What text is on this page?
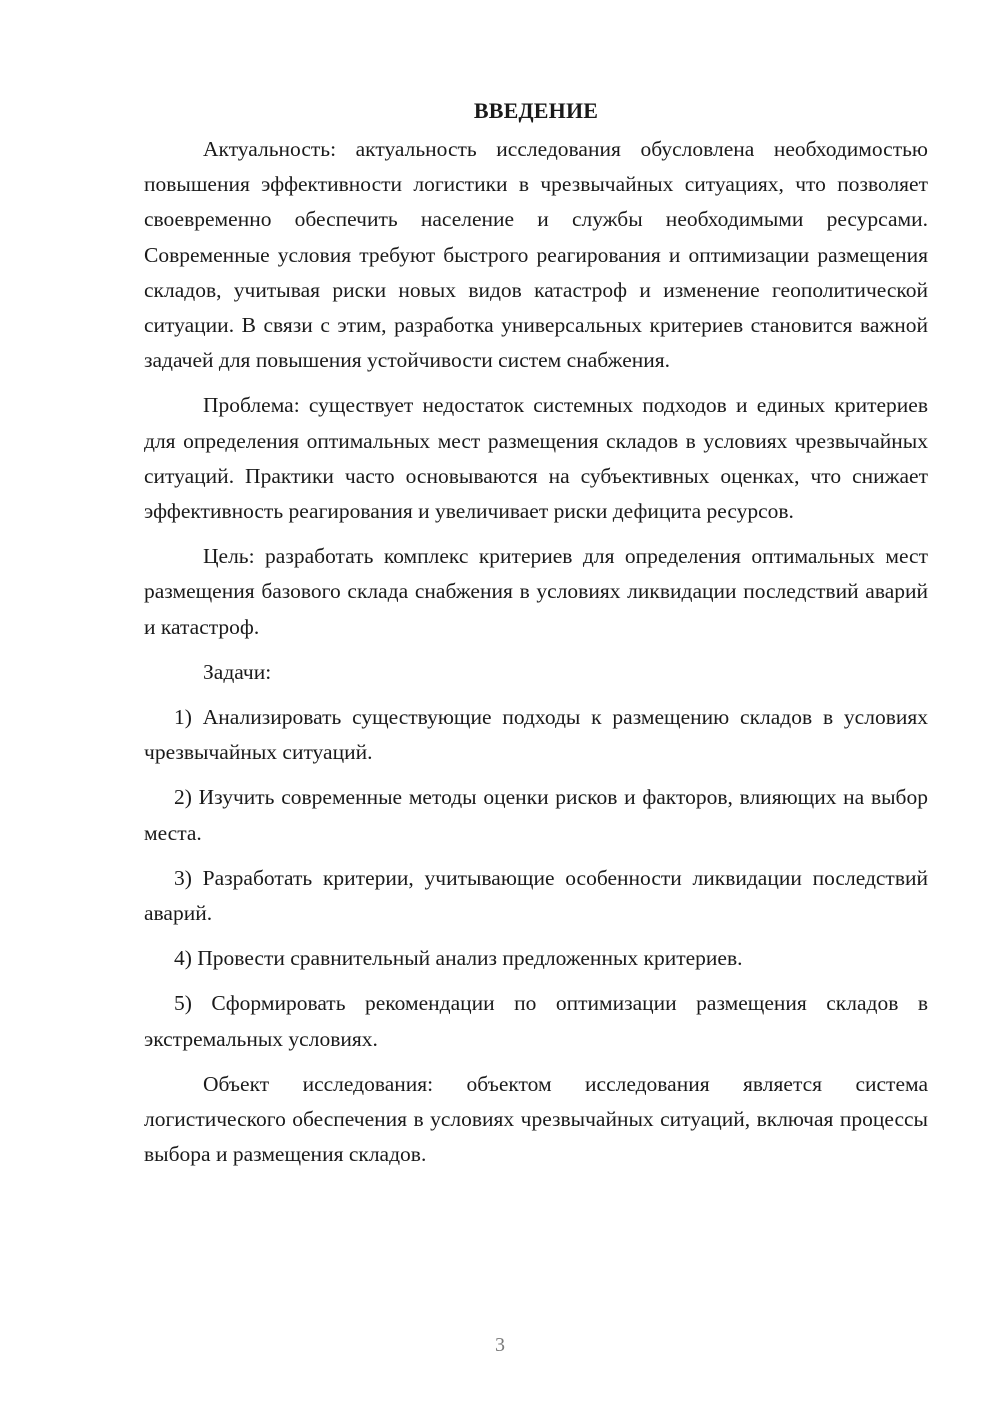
ВВЕДЕНИЕ

Актуальность: актуальность исследования обусловлена необходимостью повышения эффективности логистики в чрезвычайных ситуациях, что позволяет своевременно обеспечить население и службы необходимыми ресурсами. Современные условия требуют быстрого реагирования и оптимизации размещения складов, учитывая риски новых видов катастроф и изменение геополитической ситуации. В связи с этим, разработка универсальных критериев становится важной задачей для повышения устойчивости систем снабжения.

Проблема: существует недостаток системных подходов и единых критериев для определения оптимальных мест размещения складов в условиях чрезвычайных ситуаций. Практики часто основываются на субъективных оценках, что снижает эффективность реагирования и увеличивает риски дефицита ресурсов.

Цель: разработать комплекс критериев для определения оптимальных мест размещения базового склада снабжения в условиях ликвидации последствий аварий и катастроф.

Задачи:

1) Анализировать существующие подходы к размещению складов в условиях чрезвычайных ситуаций.

2) Изучить современные методы оценки рисков и факторов, влияющих на выбор места.

3) Разработать критерии, учитывающие особенности ликвидации последствий аварий.

4) Провести сравнительный анализ предложенных критериев.

5) Сформировать рекомендации по оптимизации размещения складов в экстремальных условиях.

Объект исследования: объектом исследования является система логистического обеспечения в условиях чрезвычайных ситуаций, включая процессы выбора и размещения складов.

3
